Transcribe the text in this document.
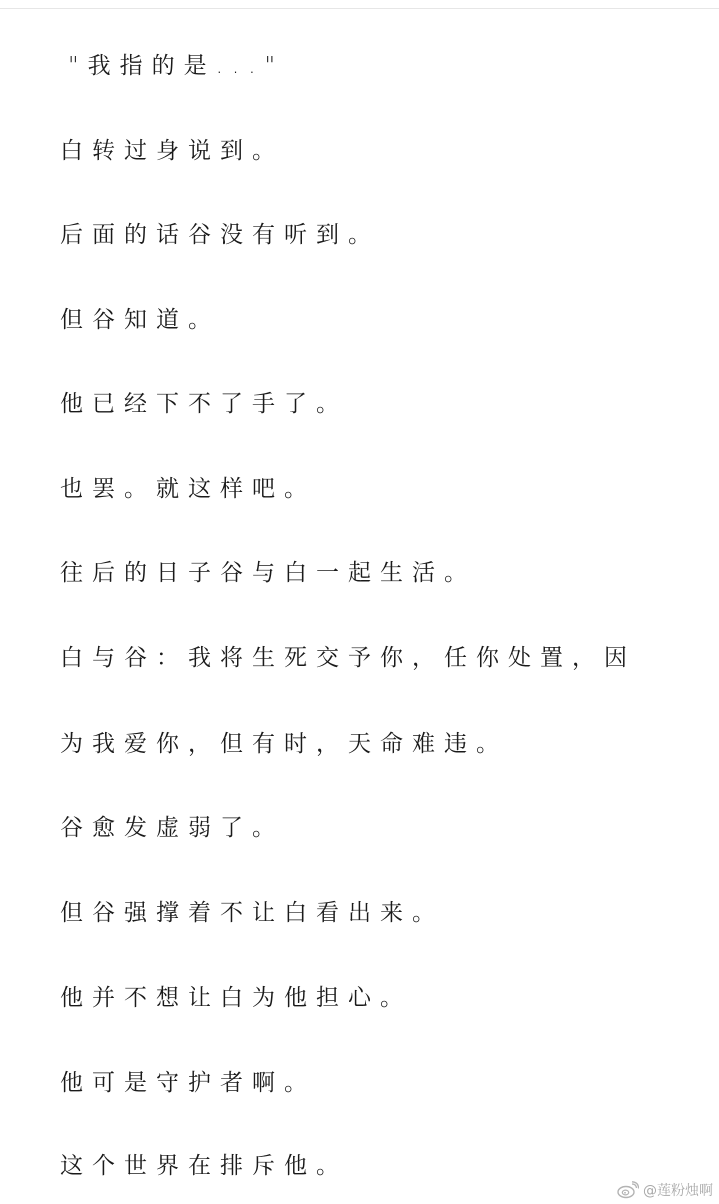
"我指的是..."
白转过身说到。
后面的话谷没有听到。
但谷知道。
他已经下不了手了。
也罢。就这样吧。
往后的日子谷与白一起生活。
白与谷：我将生死交予你，任你处置，因
为我爱你，但有时，天命难违。
谷愈发虚弱了。
但谷强撑着不让白看出来。
他并不想让白为他担心。
他可是守护者啊。
这个世界在排斥他。
@莲粉烛啊
